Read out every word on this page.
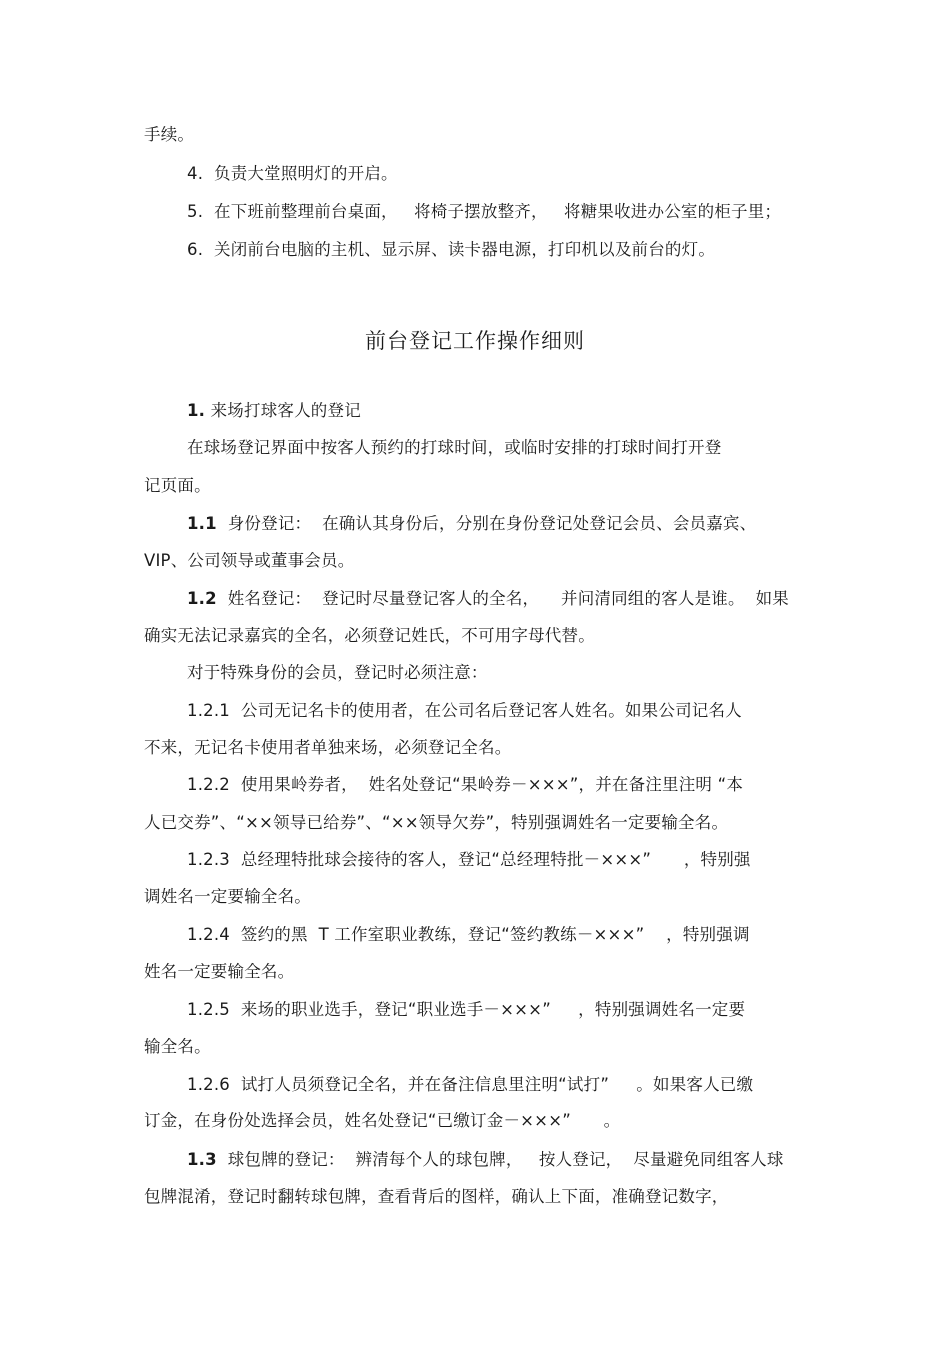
手续。
4.  负责大堂照明灯的开启。
5.  在下班前整理前台桌面，   将椅子摆放整齐，   将糖果收进办公室的柜子里；
6.  关闭前台电脑的主机、显示屏、读卡器电源，打印机以及前台的灯。
前台登记工作操作细则
1. 来场打球客人的登记
在球场登记界面中按客人预约的打球时间，或临时安排的打球时间打开登
记页面。
1.1  身份登记：  在确认其身份后，分别在身份登记处登记会员、会员嘉宾、
VIP、公司领导或董事会员。
1.2  姓名登记：  登记时尽量登记客人的全名，    并问清同组的客人是谁。  如果
确实无法记录嘉宾的全名，必须登记姓氏，不可用字母代替。
对于特殊身份的会员，登记时必须注意：
1.2.1  公司无记名卡的使用者，在公司名后登记客人姓名。如果公司记名人
不来，无记名卡使用者单独来场，必须登记全名。
1.2.2  使用果岭券者，  姓名处登记“果岭券－×××”，并在备注里注明 “本
人已交券”、“××领导已给券”、“××领导欠券”，特别强调姓名一定要输全名。
1.2.3  总经理特批球会接待的客人，登记“总经理特批－×××”      ，特别强
调姓名一定要输全名。
1.2.4  签约的黑  T 工作室职业教练，登记“签约教练－×××”    ，特别强调
姓名一定要输全名。
1.2.5  来场的职业选手，登记“职业选手－×××”     ，特别强调姓名一定要
输全名。
1.2.6  试打人员须登记全名，并在备注信息里注明“试打”     。如果客人已缴
订金，在身份处选择会员，姓名处登记“已缴订金－×××”      。
1.3  球包牌的登记：  辨清每个人的球包牌，   按人登记，  尽量避免同组客人球
包牌混淆，登记时翻转球包牌，查看背后的图样，确认上下面，准确登记数字，
